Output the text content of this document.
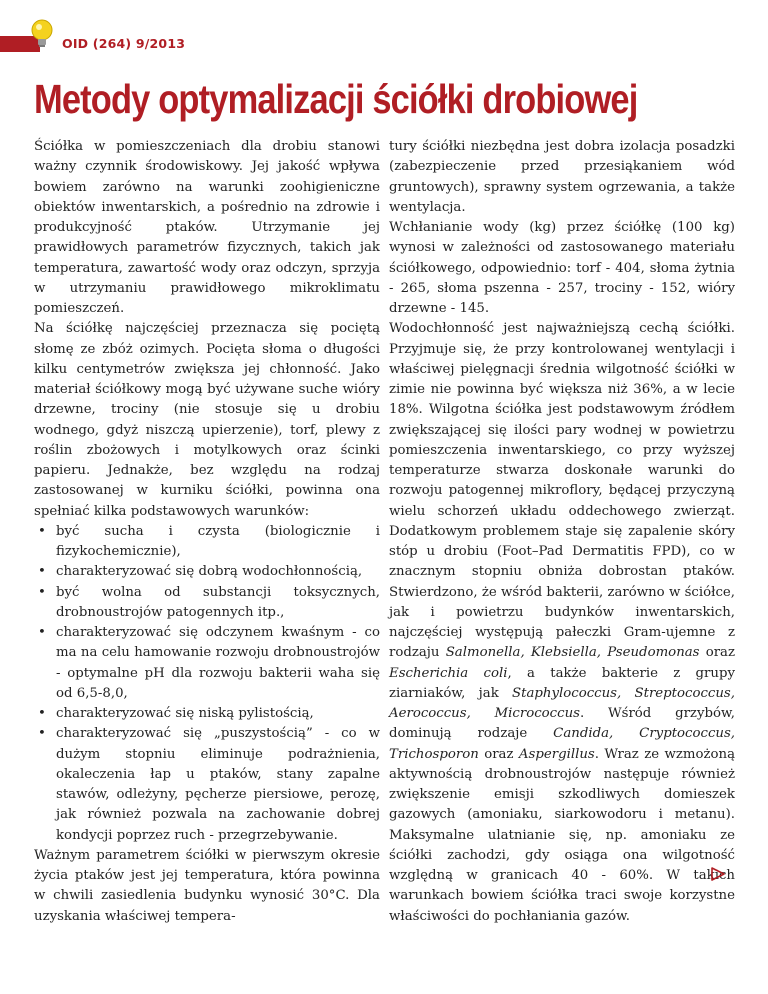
OID (264) 9/2013
Metody optymalizacji ściółki drobiowej

Ściółka w pomieszczeniach dla drobiu stanowi ważny czynnik środowiskowy. Jej jakość wpływa bowiem zarówno na warunki zoohigieniczne obiektów inwentarskich, a pośrednio na zdrowie i produkcyjność ptaków. Utrzymanie jej prawidłowych parametrów fizycznych, takich jak temperatura, zawartość wody oraz odczyn, sprzyja w utrzymaniu prawidłowego mikroklimatu pomieszczeń.

Na ściółkę najczęściej przeznacza się pociętą słomę ze zbóż ozimych. Pocięta słoma o długości kilku centymetrów zwiększa jej chłonność. Jako materiał ściółkowy mogą być używane suche wióry drzewne, trociny (nie stosuje się u drobiu wodnego, gdyż niszczą upierzenie), torf, plewy z roślin zbożowych i motylkowych oraz ścinki papieru. Jednakże, bez względu na rodzaj zastosowanej w kurniku ściółki, powinna ona spełniać kilka podstawowych warunków:

• być sucha i czysta (biologicznie i fizykochemicznie),
• charakteryzować się dobrą wodochłonnością,
• być wolna od substancji toksycznych, drobnoustrojów patogennych itp.,
• charakteryzować się odczynem kwaśnym - co ma na celu hamowanie rozwoju drobnoustrojów - optymalne pH dla rozwoju bakterii waha się od 6,5-8,0,
• charakteryzować się niską pylistością,
• charakteryzować się „puszystością” - co w dużym stopniu eliminuje podrażnienia, okaleczenia łap u ptaków, stany zapalne stawów, odleżyny, pęcherze piersiowe, perozę, jak również pozwala na zachowanie dobrej kondycji poprzez ruch - przegrzebywanie.

Ważnym parametrem ściółki w pierwszym okresie życia ptaków jest jej temperatura, która powinna w chwili zasiedlenia budynku wynosić 30°C. Dla uzyskania właściwej tempera-

tury ściółki niezbędna jest dobra izolacja posadzki (zabezpieczenie przed przesiąkaniem wód gruntowych), sprawny system ogrzewania, a także wentylacja.

Wchłanianie wody (kg) przez ściółkę (100 kg) wynosi w zależności od zastosowanego materiału ściółkowego, odpowiednio: torf - 404, słoma żytnia - 265, słoma pszenna - 257, trociny - 152, wióry drzewne - 145.

Wodochłonność jest najważniejszą cechą ściółki. Przyjmuje się, że przy kontrolowanej wentylacji i właściwej pielęgnacji średnia wilgotność ściółki w zimie nie powinna być większa niż 36%, a w lecie 18%. Wilgotna ściółka jest podstawowym źródłem zwiększającej się ilości pary wodnej w powietrzu pomieszczenia inwentarskiego, co przy wyższej temperaturze stwarza doskonałe warunki do rozwoju patogennej mikroflory, będącej przyczyną wielu schorzeń układu oddechowego zwierząt. Dodatkowym problemem staje się zapalenie skóry stóp u drobiu (Foot–Pad Dermatitis FPD), co w znacznym stopniu obniża dobrostan ptaków. Stwierdzono, że wśród bakterii, zarówno w ściółce, jak i powietrzu budynków inwentarskich, najczęściej występują pałeczki Gram-ujemne z rodzaju Salmonella, Klebsiella, Pseudomonas oraz Escherichia coli, a także bakterie z grupy ziarniaków, jak Staphylococcus, Streptococcus, Aerococcus, Micrococcus. Wśród grzybów, dominują rodzaje Candida, Cryptococcus, Trichosporon oraz Aspergillus. Wraz ze wzmożoną aktywnością drobnoustrojów następuje również zwiększenie emisji szkodliwych domieszek gazowych (amoniaku, siarkowodoru i metanu). Maksymalne ulatnianie się, np. amoniaku ze ściółki zachodzi, gdy osiąga ona wilgotność względną w granicach 40 - 60%. W takich warunkach bowiem ściółka traci swoje korzystne właściwości do pochłaniania gazów.
